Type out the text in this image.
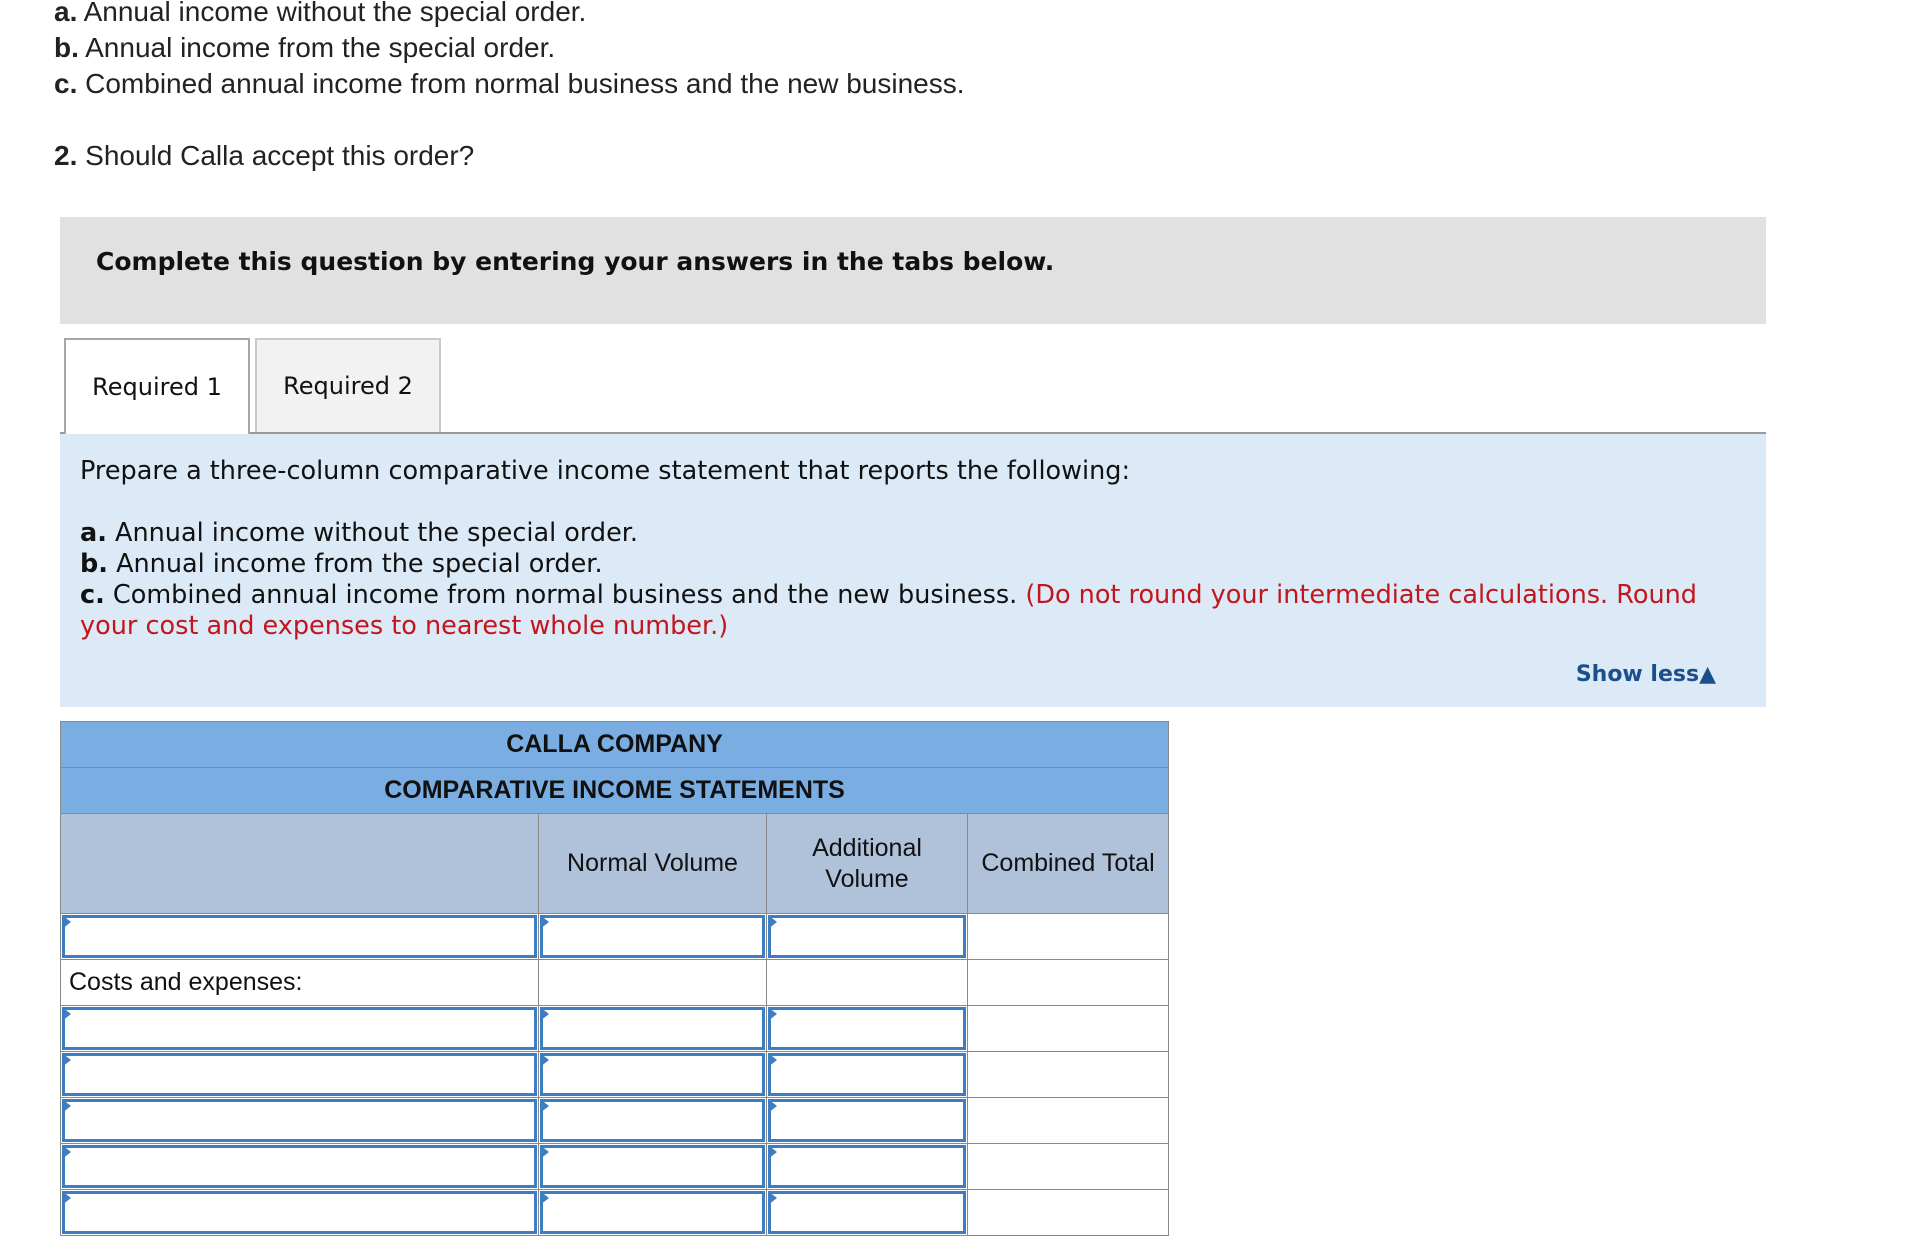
a. Annual income without the special order.
b. Annual income from the special order.
c. Combined annual income from normal business and the new business.
2. Should Calla accept this order?
Complete this question by entering your answers in the tabs below.
Required 1	Required 2
Prepare a three-column comparative income statement that reports the following:
a. Annual income without the special order.
b. Annual income from the special order.
c. Combined annual income from normal business and the new business. (Do not round your intermediate calculations. Round your cost and expenses to nearest whole number.)
Show less▲
CALLA COMPANY			
COMPARATIVE INCOME STATEMENTS			
	Normal Volume	Additional Volume	Combined Total

Costs and expenses:			
